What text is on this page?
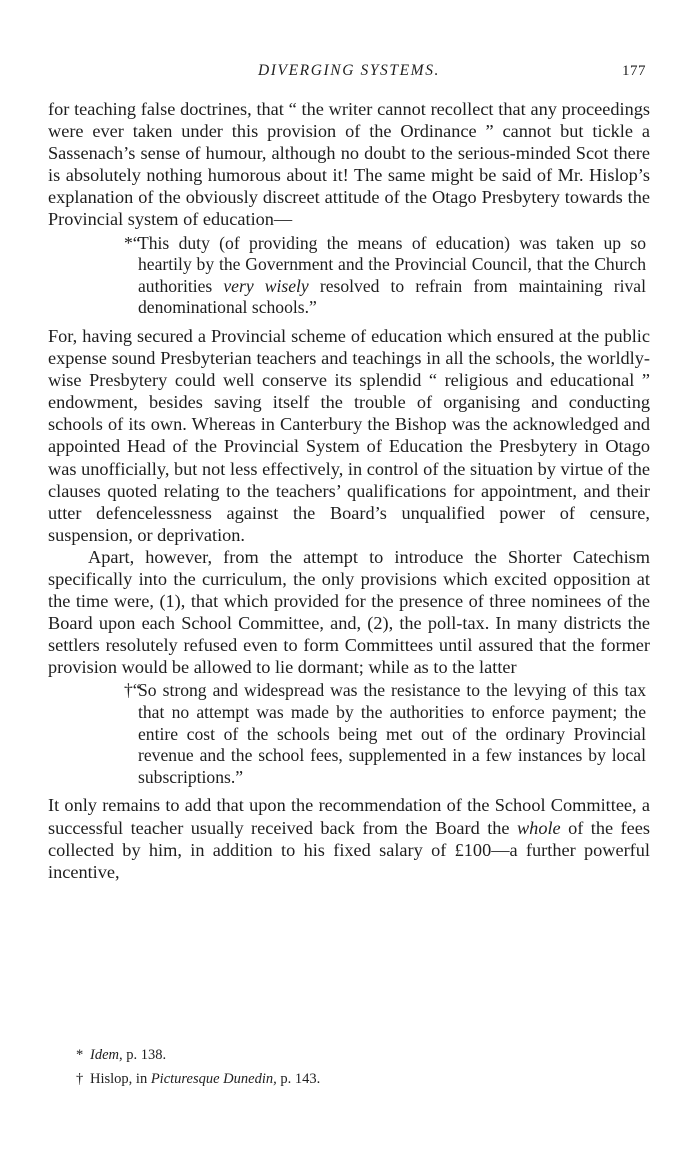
DIVERGING SYSTEMS.	177

for teaching false doctrines, that “ the writer cannot recollect that any proceedings were ever taken under this provision of the Ordinance ” cannot but tickle a Sassenach’s sense of humour, although no doubt to the serious-minded Scot there is absolutely nothing humorous about it! The same might be said of Mr. Hislop’s explanation of the obviously discreet attitude of the Otago Presbytery towards the Provincial system of education—

*“This duty (of providing the means of education) was taken up so heartily by the Government and the Provincial Council, that the Church authorities very wisely resolved to refrain from maintaining rival denominational schools.”

For, having secured a Provincial scheme of education which ensured at the public expense sound Presbyterian teachers and teachings in all the schools, the worldly-wise Presbytery could well conserve its splendid “ religious and educational ” endowment, besides saving itself the trouble of organising and conducting schools of its own. Whereas in Canterbury the Bishop was the acknowledged and appointed Head of the Provincial System of Education the Presbytery in Otago was unofficially, but not less effectively, in control of the situation by virtue of the clauses quoted relating to the teachers’ qualifications for appointment, and their utter defencelessness against the Board’s unqualified power of censure, suspension, or deprivation.

Apart, however, from the attempt to introduce the Shorter Catechism specifically into the curriculum, the only provisions which excited opposition at the time were, (1), that which provided for the presence of three nominees of the Board upon each School Committee, and, (2), the poll-tax. In many districts the settlers resolutely refused even to form Committees until assured that the former provision would be allowed to lie dormant; while as to the latter

†“So strong and widespread was the resistance to the levying of this tax that no attempt was made by the authorities to enforce payment; the entire cost of the schools being met out of the ordinary Provincial revenue and the school fees, supplemented in a few instances by local subscriptions.”

It only remains to add that upon the recommendation of the School Committee, a successful teacher usually received back from the Board the whole of the fees collected by him, in addition to his fixed salary of £100—a further powerful incentive,

* Idem, p. 138.

† Hislop, in Picturesque Dunedin, p. 143.
